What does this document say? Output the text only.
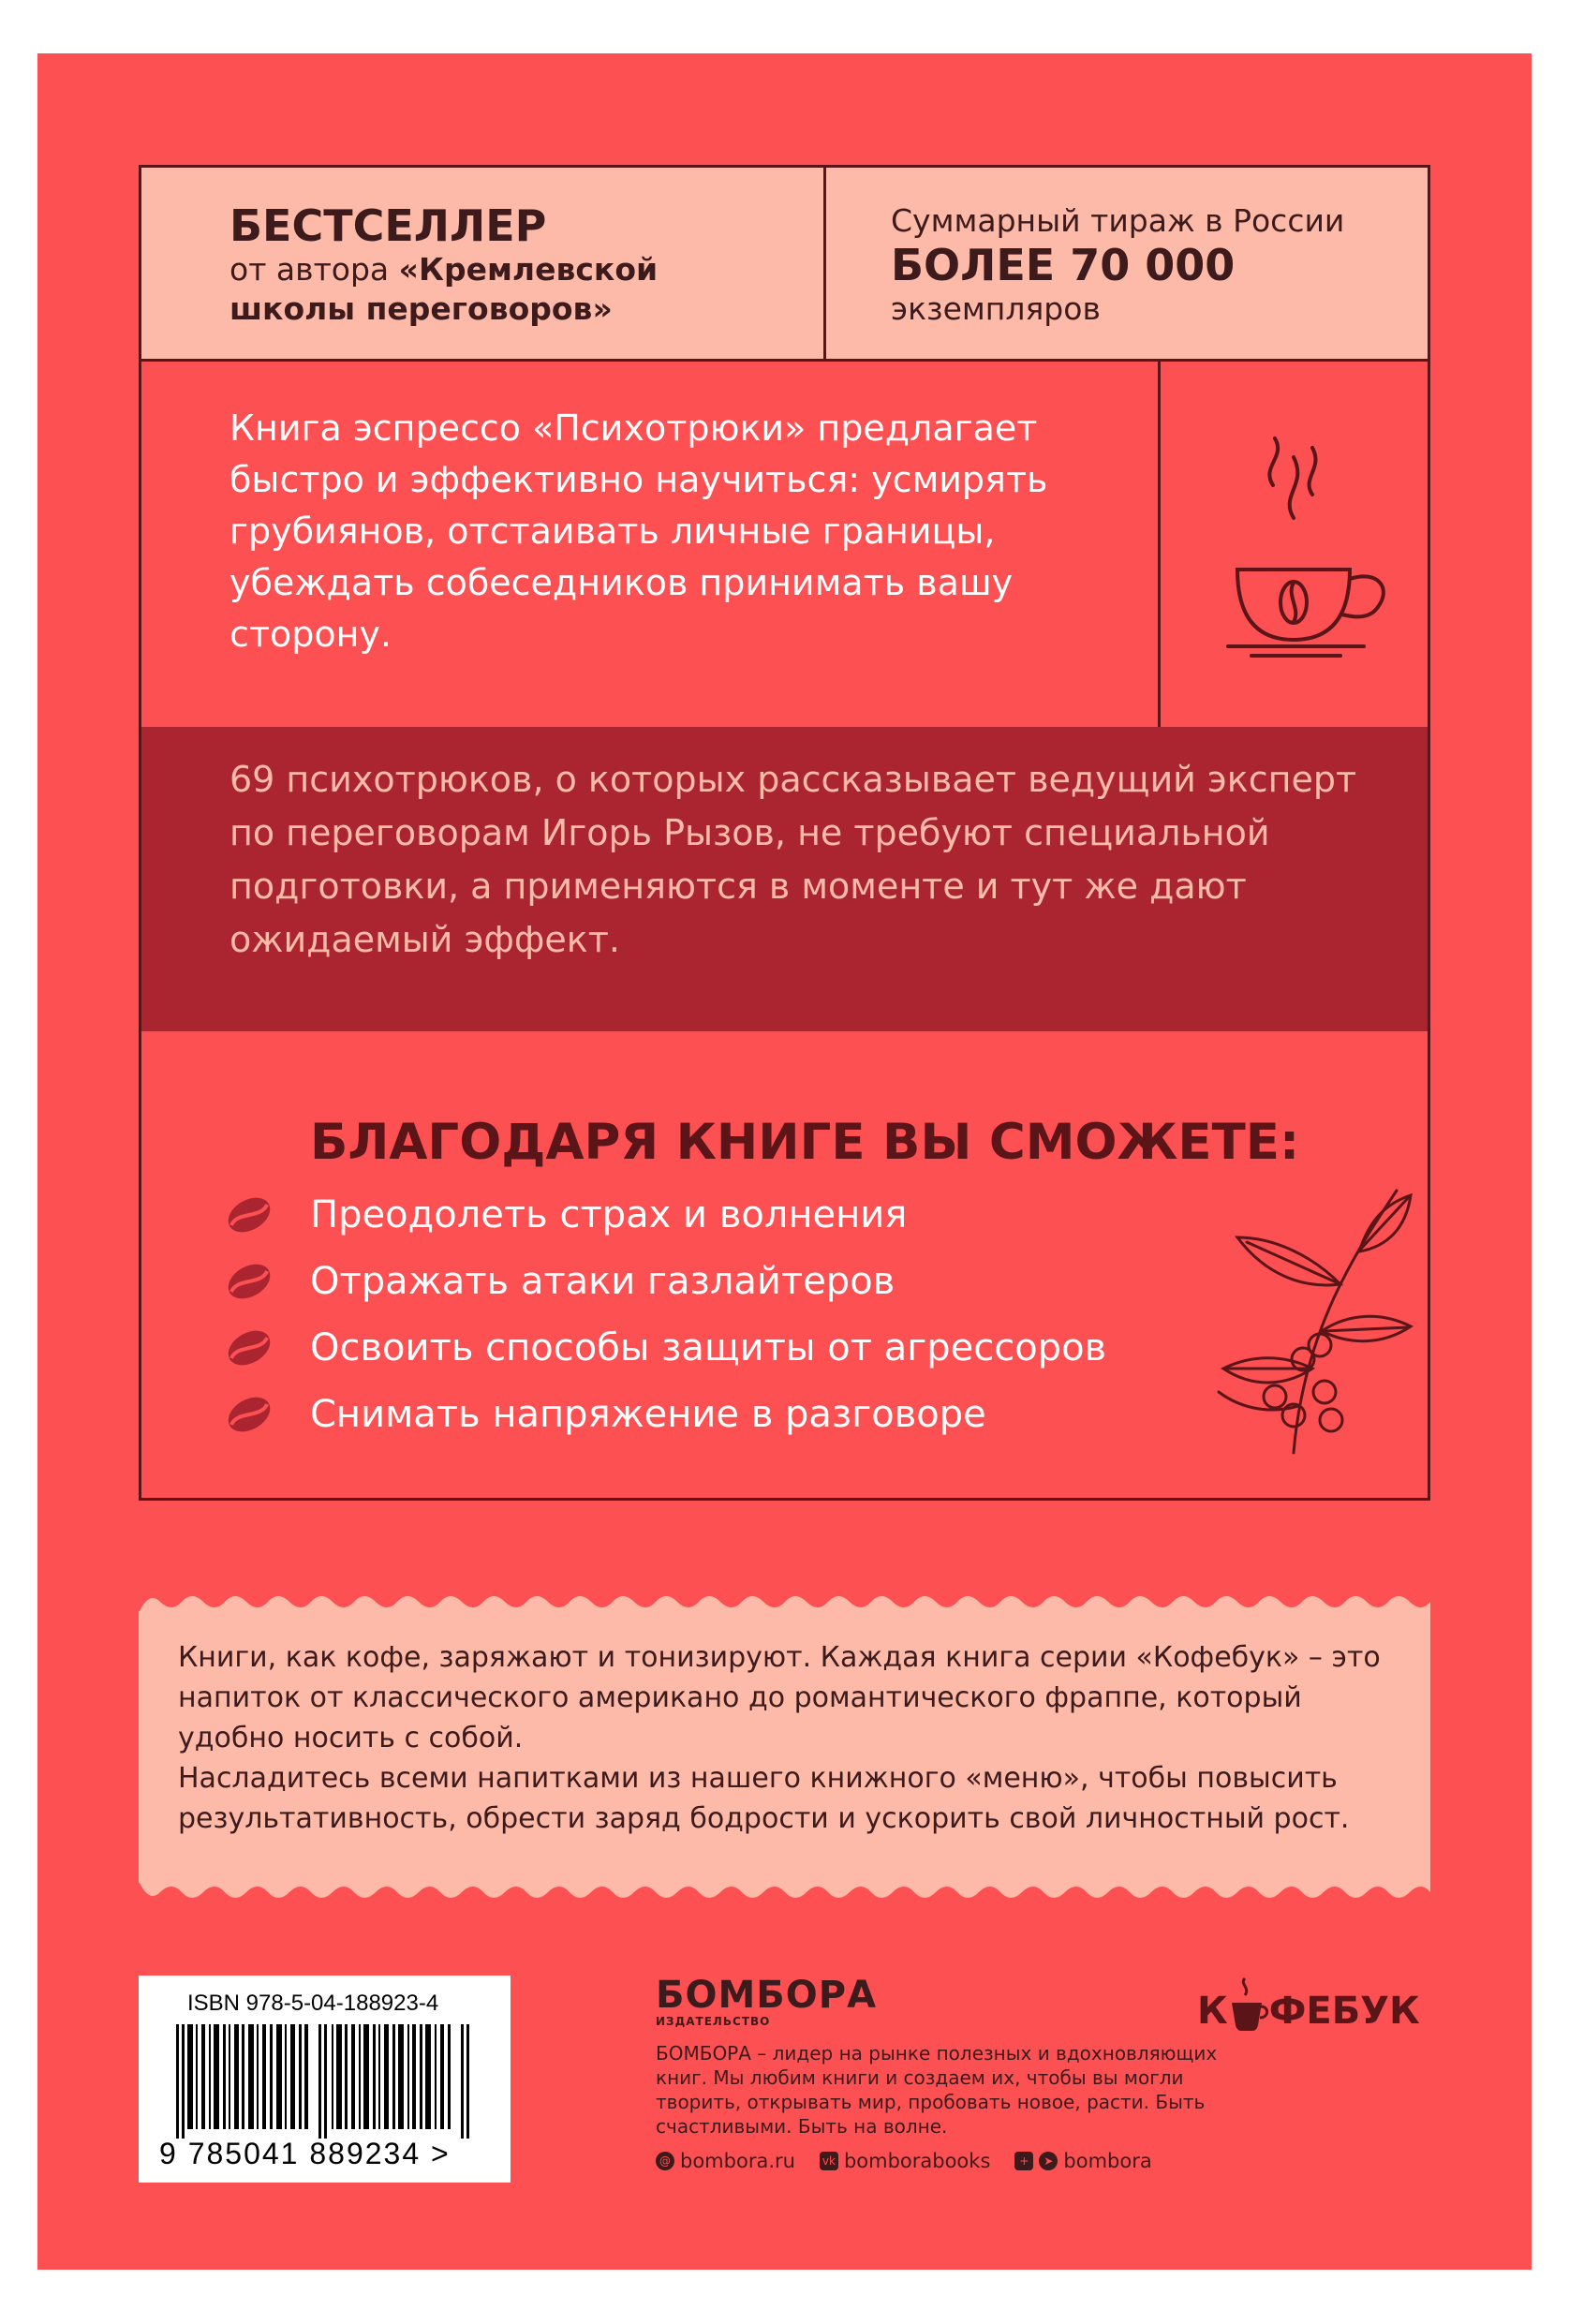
БЕСТСЕЛЛЕР
от автора «Кремлевской школы переговоров»
Суммарный тираж в России
БОЛЕЕ 70 000
экземпляров
Книга эспрессо «Психотрюки» предлагает быстро и эффективно научиться: усмирять грубиянов, отстаивать личные границы, убеждать собеседников принимать вашу сторону.
69 психотрюков, о которых рассказывает ведущий эксперт по переговорам Игорь Рызов, не требуют специальной подготовки, а применяются в моменте и тут же дают ожидаемый эффект.
БЛАГОДАРЯ КНИГЕ ВЫ СМОЖЕТЕ:
Преодолеть страх и волнения
Отражать атаки газлайтеров
Освоить способы защиты от агрессоров
Снимать напряжение в разговоре
Книги, как кофе, заряжают и тонизируют. Каждая книга серии «Кофебук» – это напиток от классического американо до романтического фраппе, который удобно носить с собой.
Насладитесь всеми напитками из нашего книжного «меню», чтобы повысить результативность, обрести заряд бодрости и ускорить свой личностный рост.
ISBN 978-5-04-188923-4
9 785041 889234 >
БОМБОРА
ИЗДАТЕЛЬСТВО
БОМБОРА – лидер на рынке полезных и вдохновляющих книг. Мы любим книги и создаем их, чтобы вы могли творить, открывать мир, пробовать новое, расти. Быть счастливыми. Быть на волне.
@ bombora.ru vk bomborabooks	+	➤ bombora
К ФЕБУК
